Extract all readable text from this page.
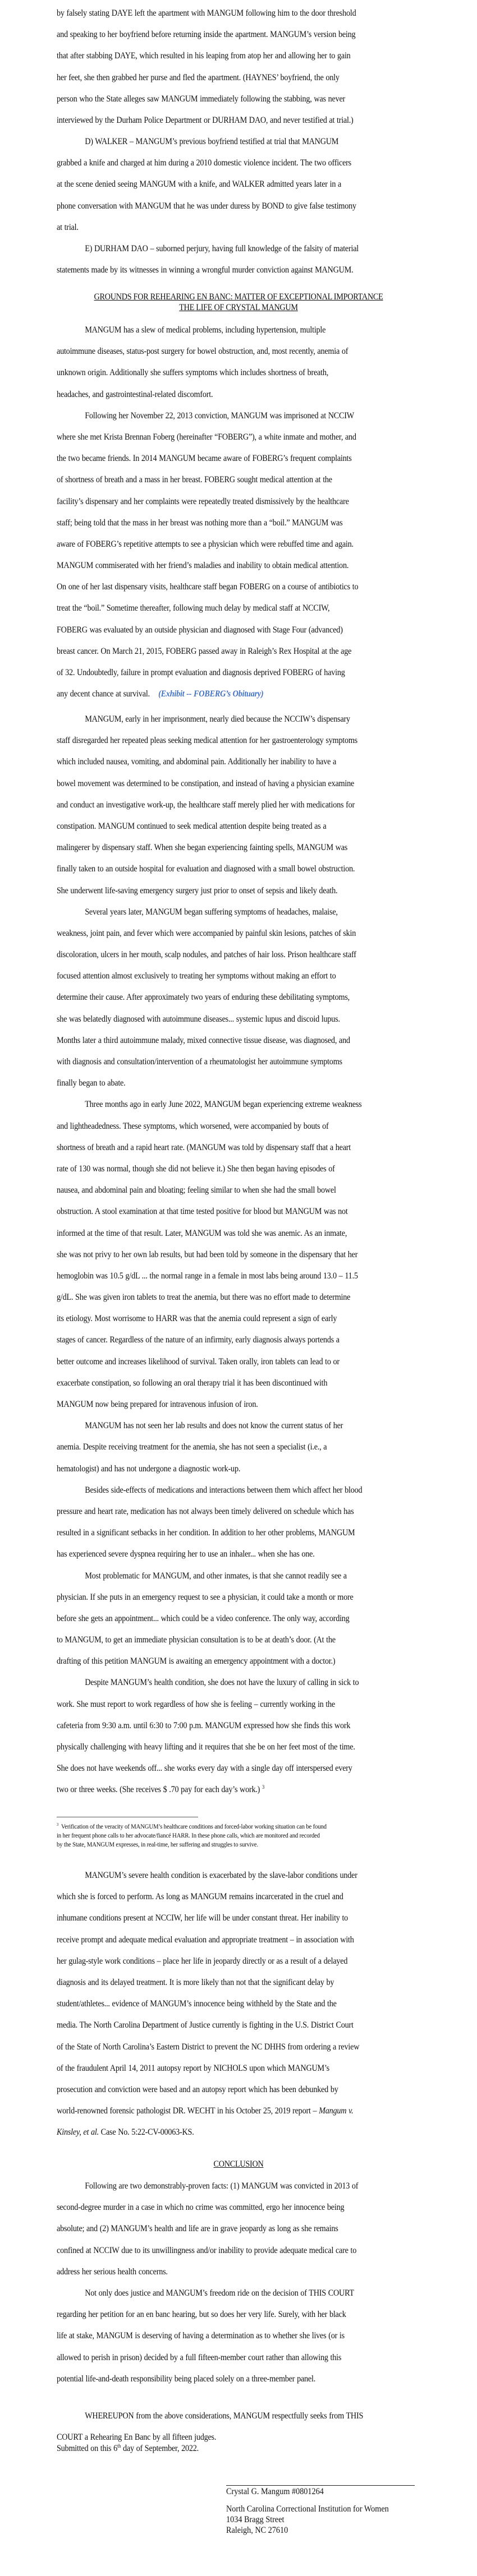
by falsely stating DAYE left the apartment with MANGUM following him to the door threshold
and speaking to her boyfriend before returning inside the apartment. MANGUM’s version being
that after stabbing DAYE, which resulted in his leaping from atop her and allowing her to gain
her feet, she then grabbed her purse and fled the apartment. (HAYNES’ boyfriend, the only
person who the State alleges saw MANGUM immediately following the stabbing, was never
interviewed by the Durham Police Department or DURHAM DAO, and never testified at trial.)
D) WALKER – MANGUM’s previous boyfriend testified at trial that MANGUM
grabbed a knife and charged at him during a 2010 domestic violence incident. The two officers
at the scene denied seeing MANGUM with a knife, and WALKER admitted years later in a
phone conversation with MANGUM that he was under duress by BOND to give false testimony
at trial.
E) DURHAM DAO – suborned perjury, having full knowledge of the falsity of material
statements made by its witnesses in winning a wrongful murder conviction against MANGUM.
GROUNDS FOR REHEARING EN BANC: MATTER OF EXCEPTIONAL IMPORTANCE
THE LIFE OF CRYSTAL MANGUM
MANGUM has a slew of medical problems, including hypertension, multiple
autoimmune diseases, status-post surgery for bowel obstruction, and, most recently, anemia of
unknown origin. Additionally she suffers symptoms which includes shortness of breath,
headaches, and gastrointestinal-related discomfort.
Following her November 22, 2013 conviction, MANGUM was imprisoned at NCCIW
where she met Krista Brennan Foberg (hereinafter “FOBERG”), a white inmate and mother, and
the two became friends. In 2014 MANGUM became aware of FOBERG’s frequent complaints
of shortness of breath and a mass in her breast. FOBERG sought medical attention at the
facility’s dispensary and her complaints were repeatedly treated dismissively by the healthcare
staff; being told that the mass in her breast was nothing more than a “boil.” MANGUM was
aware of FOBERG’s repetitive attempts to see a physician which were rebuffed time and again.
MANGUM commiserated with her friend’s maladies and inability to obtain medical attention.
On one of her last dispensary visits, healthcare staff began FOBERG on a course of antibiotics to
treat the “boil.” Sometime thereafter, following much delay by medical staff at NCCIW,
FOBERG was evaluated by an outside physician and diagnosed with Stage Four (advanced)
breast cancer. On March 21, 2015, FOBERG passed away in Raleigh’s Rex Hospital at the age
of 32. Undoubtedly, failure in prompt evaluation and diagnosis deprived FOBERG of having
any decent chance at survival. (Exhibit -- FOBERG’s Obituary)
MANGUM, early in her imprisonment, nearly died because the NCCIW’s dispensary
staff disregarded her repeated pleas seeking medical attention for her gastroenterology symptoms
which included nausea, vomiting, and abdominal pain. Additionally her inability to have a
bowel movement was determined to be constipation, and instead of having a physician examine
and conduct an investigative work-up, the healthcare staff merely plied her with medications for
constipation. MANGUM continued to seek medical attention despite being treated as a
malingerer by dispensary staff. When she began experiencing fainting spells, MANGUM was
finally taken to an outside hospital for evaluation and diagnosed with a small bowel obstruction.
She underwent life-saving emergency surgery just prior to onset of sepsis and likely death.
Several years later, MANGUM began suffering symptoms of headaches, malaise,
weakness, joint pain, and fever which were accompanied by painful skin lesions, patches of skin
discoloration, ulcers in her mouth, scalp nodules, and patches of hair loss. Prison healthcare staff
focused attention almost exclusively to treating her symptoms without making an effort to
determine their cause. After approximately two years of enduring these debilitating symptoms,
she was belatedly diagnosed with autoimmune diseases... systemic lupus and discoid lupus.
Months later a third autoimmune malady, mixed connective tissue disease, was diagnosed, and
with diagnosis and consultation/intervention of a rheumatologist her autoimmune symptoms
finally began to abate.
Three months ago in early June 2022, MANGUM began experiencing extreme weakness
and lightheadedness. These symptoms, which worsened, were accompanied by bouts of
shortness of breath and a rapid heart rate. (MANGUM was told by dispensary staff that a heart
rate of 130 was normal, though she did not believe it.) She then began having episodes of
nausea, and abdominal pain and bloating; feeling similar to when she had the small bowel
obstruction. A stool examination at that time tested positive for blood but MANGUM was not
informed at the time of that result. Later, MANGUM was told she was anemic. As an inmate,
she was not privy to her own lab results, but had been told by someone in the dispensary that her
hemoglobin was 10.5 g/dL ... the normal range in a female in most labs being around 13.0 – 11.5
g/dL. She was given iron tablets to treat the anemia, but there was no effort made to determine
its etiology. Most worrisome to HARR was that the anemia could represent a sign of early
stages of cancer. Regardless of the nature of an infirmity, early diagnosis always portends a
better outcome and increases likelihood of survival. Taken orally, iron tablets can lead to or
exacerbate constipation, so following an oral therapy trial it has been discontinued with
MANGUM now being prepared for intravenous infusion of iron.
MANGUM has not seen her lab results and does not know the current status of her
anemia. Despite receiving treatment for the anemia, she has not seen a specialist (i.e., a
hematologist) and has not undergone a diagnostic work-up.
Besides side-effects of medications and interactions between them which affect her blood
pressure and heart rate, medication has not always been timely delivered on schedule which has
resulted in a significant setbacks in her condition. In addition to her other problems, MANGUM
has experienced severe dyspnea requiring her to use an inhaler... when she has one.
Most problematic for MANGUM, and other inmates, is that she cannot readily see a
physician. If she puts in an emergency request to see a physician, it could take a month or more
before she gets an appointment... which could be a video conference. The only way, according
to MANGUM, to get an immediate physician consultation is to be at death’s door. (At the
drafting of this petition MANGUM is awaiting an emergency appointment with a doctor.)
Despite MANGUM’s health condition, she does not have the luxury of calling in sick to
work. She must report to work regardless of how she is feeling – currently working in the
cafeteria from 9:30 a.m. until 6:30 to 7:00 p.m. MANGUM expressed how she finds this work
physically challenging with heavy lifting and it requires that she be on her feet most of the time.
She does not have weekends off... she works every day with a single day off interspersed every
two or three weeks. (She receives $ .70 pay for each day’s work.) $^3$
$^3$ Verification of the veracity of MANGUM’s healthcare conditions and forced-labor working situation can be found
in her frequent phone calls to her advocate/fiancé HARR. In these phone calls, which are monitored and recorded
by the State, MANGUM expresses, in real-time, her suffering and struggles to survive.
MANGUM’s severe health condition is exacerbated by the slave-labor conditions under
which she is forced to perform. As long as MANGUM remains incarcerated in the cruel and
inhumane conditions present at NCCIW, her life will be under constant threat. Her inability to
receive prompt and adequate medical evaluation and appropriate treatment – in association with
her gulag-style work conditions – place her life in jeopardy directly or as a result of a delayed
diagnosis and its delayed treatment. It is more likely than not that the significant delay by
student/athletes... evidence of MANGUM’s innocence being withheld by the State and the
media. The North Carolina Department of Justice currently is fighting in the U.S. District Court
of the State of North Carolina’s Eastern District to prevent the NC DHHS from ordering a review
of the fraudulent April 14, 2011 autopsy report by NICHOLS upon which MANGUM’s
prosecution and conviction were based and an autopsy report which has been debunked by
world-renowned forensic pathologist DR. WECHT in his October 25, 2019 report – Mangum v.
Kinsley, et al. Case No. 5:22-CV-00063-KS.
CONCLUSION
Following are two demonstrably-proven facts: (1) MANGUM was convicted in 2013 of
second-degree murder in a case in which no crime was committed, ergo her innocence being
absolute; and (2) MANGUM’s health and life are in grave jeopardy as long as she remains
confined at NCCIW due to its unwillingness and/or inability to provide adequate medical care to
address her serious health concerns.
Not only does justice and MANGUM’s freedom ride on the decision of THIS COURT
regarding her petition for an en banc hearing, but so does her very life. Surely, with her black
life at stake, MANGUM is deserving of having a determination as to whether she lives (or is
allowed to perish in prison) decided by a full fifteen-member court rather than allowing this
potential life-and-death responsibility being placed solely on a three-member panel.
WHEREUPON from the above considerations, MANGUM respectfully seeks from THIS
COURT a Rehearing En Banc by all fifteen judges.
Submitted on this 6th day of September, 2022.
Crystal G. Mangum #0801264
North Carolina Correctional Institution for Women
1034 Bragg Street
Raleigh, NC 27610
